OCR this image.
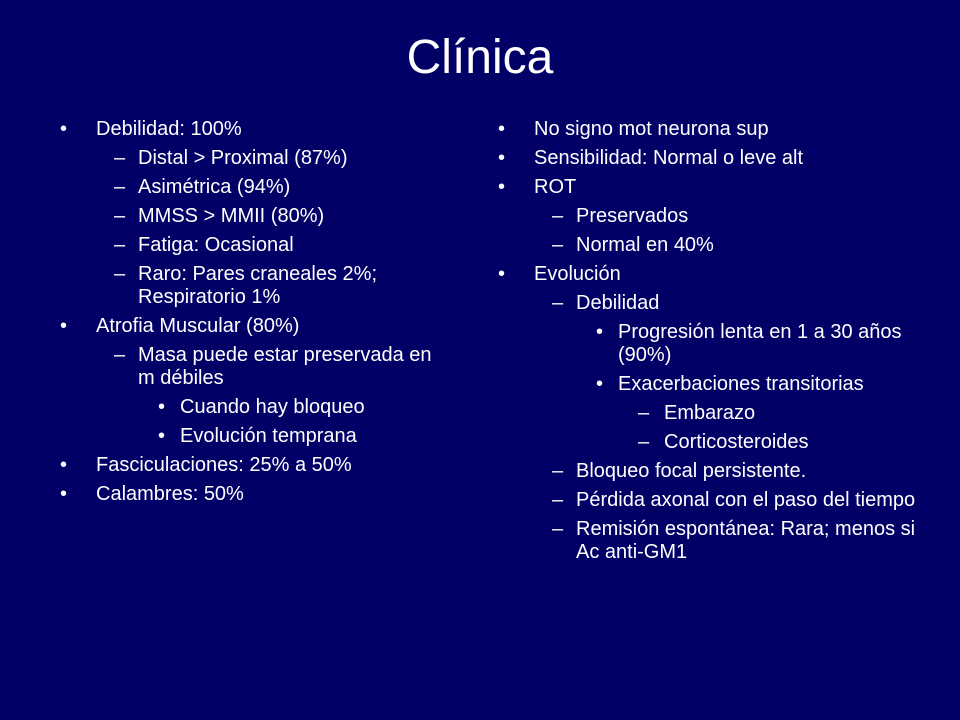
Clínica
• Debilidad: 100%
– Distal > Proximal (87%)
– Asimétrica (94%)
– MMSS > MMII (80%)
– Fatiga: Ocasional
– Raro: Pares craneales 2%; Respiratorio 1%
• Atrofia Muscular (80%)
– Masa puede estar preservada en m débiles
• Cuando hay bloqueo
• Evolución temprana
• Fasciculaciones: 25% a 50%
• Calambres: 50%
• No signo mot neurona sup
• Sensibilidad: Normal o leve alt
• ROT
– Preservados
– Normal en 40%
• Evolución
– Debilidad
• Progresión lenta en 1 a 30 años (90%)
• Exacerbaciones transitorias
– Embarazo
– Corticosteroides
– Bloqueo focal persistente.
– Pérdida axonal con el paso del tiempo
– Remisión espontánea: Rara; menos si Ac anti-GM1
